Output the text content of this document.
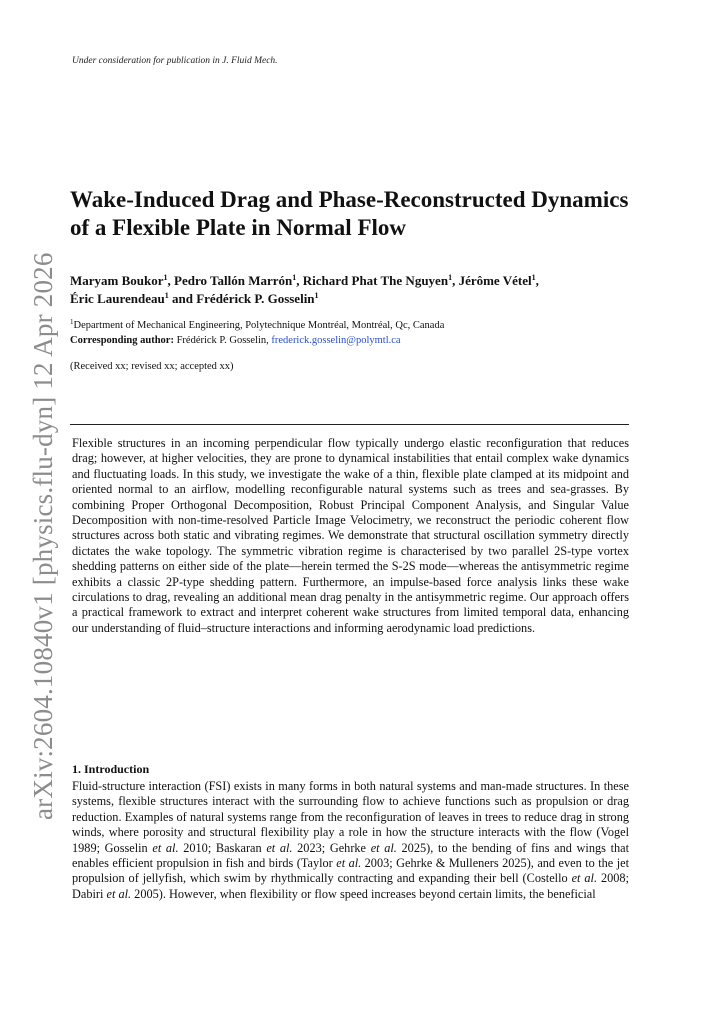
Under consideration for publication in J. Fluid Mech.
arXiv:2604.10840v1 [physics.flu-dyn] 12 Apr 2026
Wake-Induced Drag and Phase-Reconstructed Dynamics of a Flexible Plate in Normal Flow
Maryam Boukor$^1$, Pedro Tallón Marrón$^1$, Richard Phat The Nguyen$^1$, Jérôme Vétel$^1$,
Éric Laurendeau$^1$ and Frédérick P. Gosselin$^1$
$^1$Department of Mechanical Engineering, Polytechnique Montréal, Montréal, Qc, Canada
Corresponding author: Frédérick P. Gosselin, frederick.gosselin@polymtl.ca
(Received xx; revised xx; accepted xx)

Flexible structures in an incoming perpendicular flow typically undergo elastic reconfiguration that reduces drag; however, at higher velocities, they are prone to dynamical instabilities that entail complex wake dynamics and fluctuating loads. In this study, we investigate the wake of a thin, flexible plate clamped at its midpoint and oriented normal to an airflow, modelling reconfigurable natural systems such as trees and sea-grasses. By combining Proper Orthogonal Decomposition, Robust Principal Component Analysis, and Singular Value Decomposition with non-time-resolved Particle Image Velocimetry, we reconstruct the periodic coherent flow structures across both static and vibrating regimes. We demonstrate that structural oscillation symmetry directly dictates the wake topology. The symmetric vibration regime is characterised by two parallel 2S-type vortex shedding patterns on either side of the plate—herein termed the S-2S mode—whereas the antisymmetric regime exhibits a classic 2P-type shedding pattern. Furthermore, an impulse-based force analysis links these wake circulations to drag, revealing an additional mean drag penalty in the antisymmetric regime. Our approach offers a practical framework to extract and interpret coherent wake structures from limited temporal data, enhancing our understanding of fluid–structure interactions and informing aerodynamic load predictions.

1. Introduction

Fluid-structure interaction (FSI) exists in many forms in both natural systems and man-made structures. In these systems, flexible structures interact with the surrounding flow to achieve functions such as propulsion or drag reduction. Examples of natural systems range from the reconfiguration of leaves in trees to reduce drag in strong winds, where porosity and structural flexibility play a role in how the structure interacts with the flow (Vogel 1989; Gosselin et al. 2010; Baskaran et al. 2023; Gehrke et al. 2025), to the bending of fins and wings that enables efficient propulsion in fish and birds (Taylor et al. 2003; Gehrke & Mulleners 2025), and even to the jet propulsion of jellyfish, which swim by rhythmically contracting and expanding their bell (Costello et al. 2008; Dabiri et al. 2005). However, when flexibility or flow speed increases beyond certain limits, the beneficial
